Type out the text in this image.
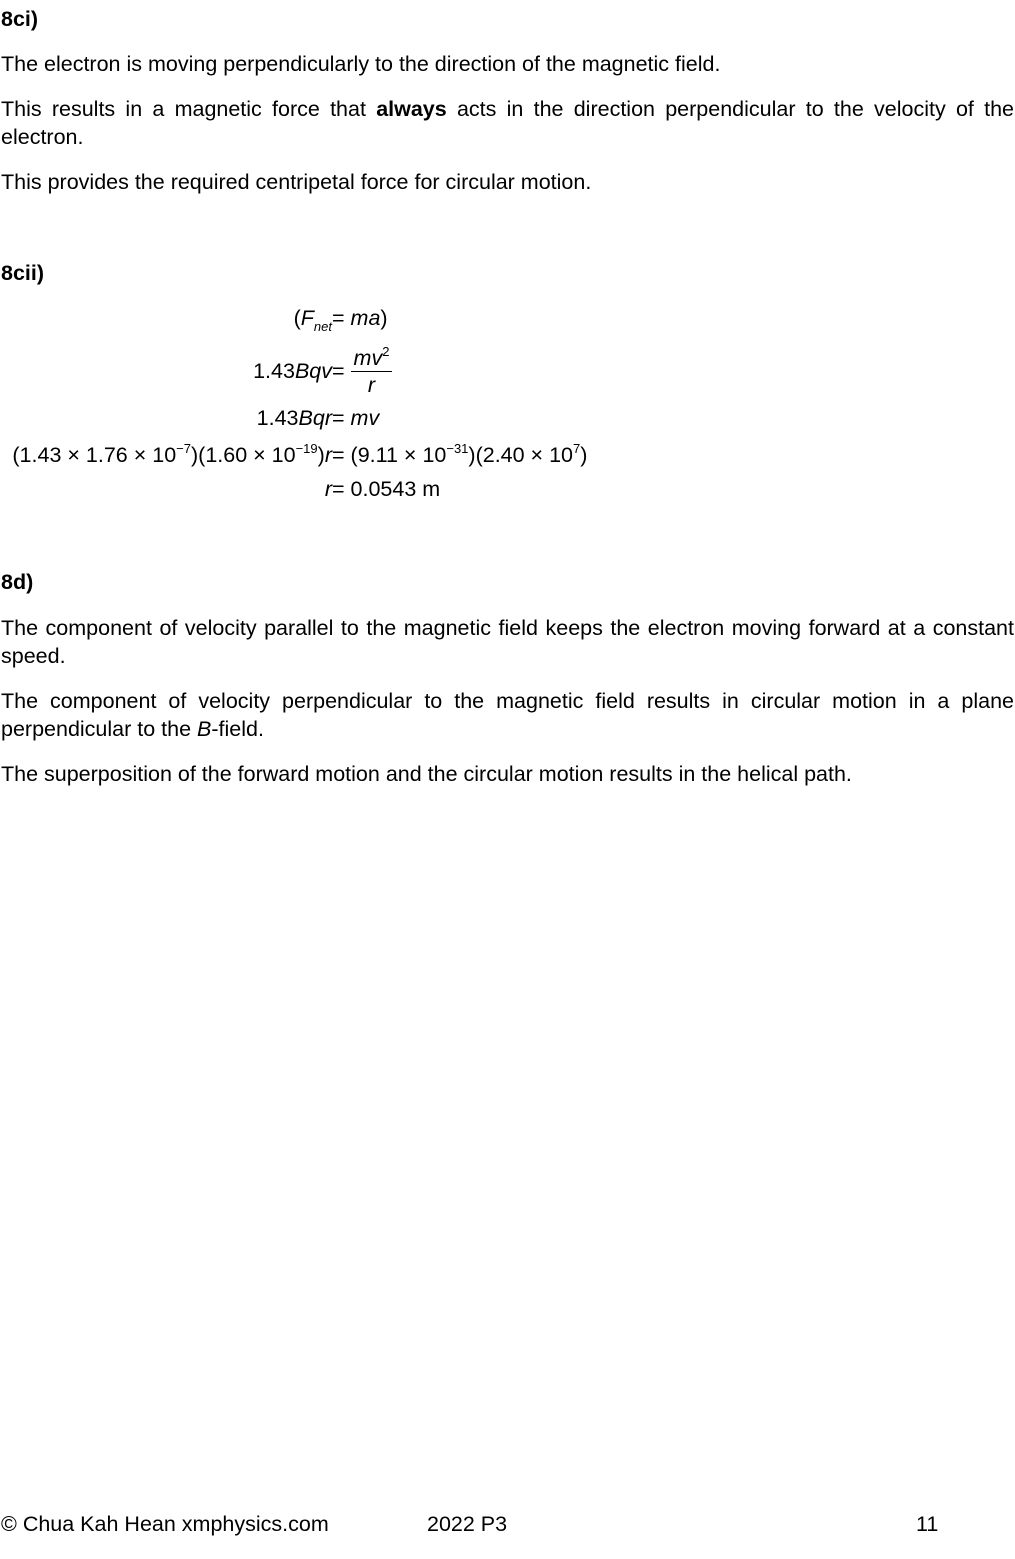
8ci)
The electron is moving perpendicularly to the direction of the magnetic field.
This results in a magnetic force that always acts in the direction perpendicular to the velocity of the electron.
This provides the required centripetal force for circular motion.
8cii)
$(F_{net} = ma)$
$1.43Bqv = \frac{mv^2}{r}$
1.43Bqr = mv
$(1.43 \times 1.76 \times 10^{-7})(1.60 \times 10^{-19})r = (9.11 \times 10^{-31})(2.40 \times 10^7)$
r = 0.0543 m
8d)
The component of velocity parallel to the magnetic field keeps the electron moving forward at a constant speed.
The component of velocity perpendicular to the magnetic field results in circular motion in a plane perpendicular to the B-field.
The superposition of the forward motion and the circular motion results in the helical path.
© Chua Kah Hean xmphysics.com	2022 P3	11
